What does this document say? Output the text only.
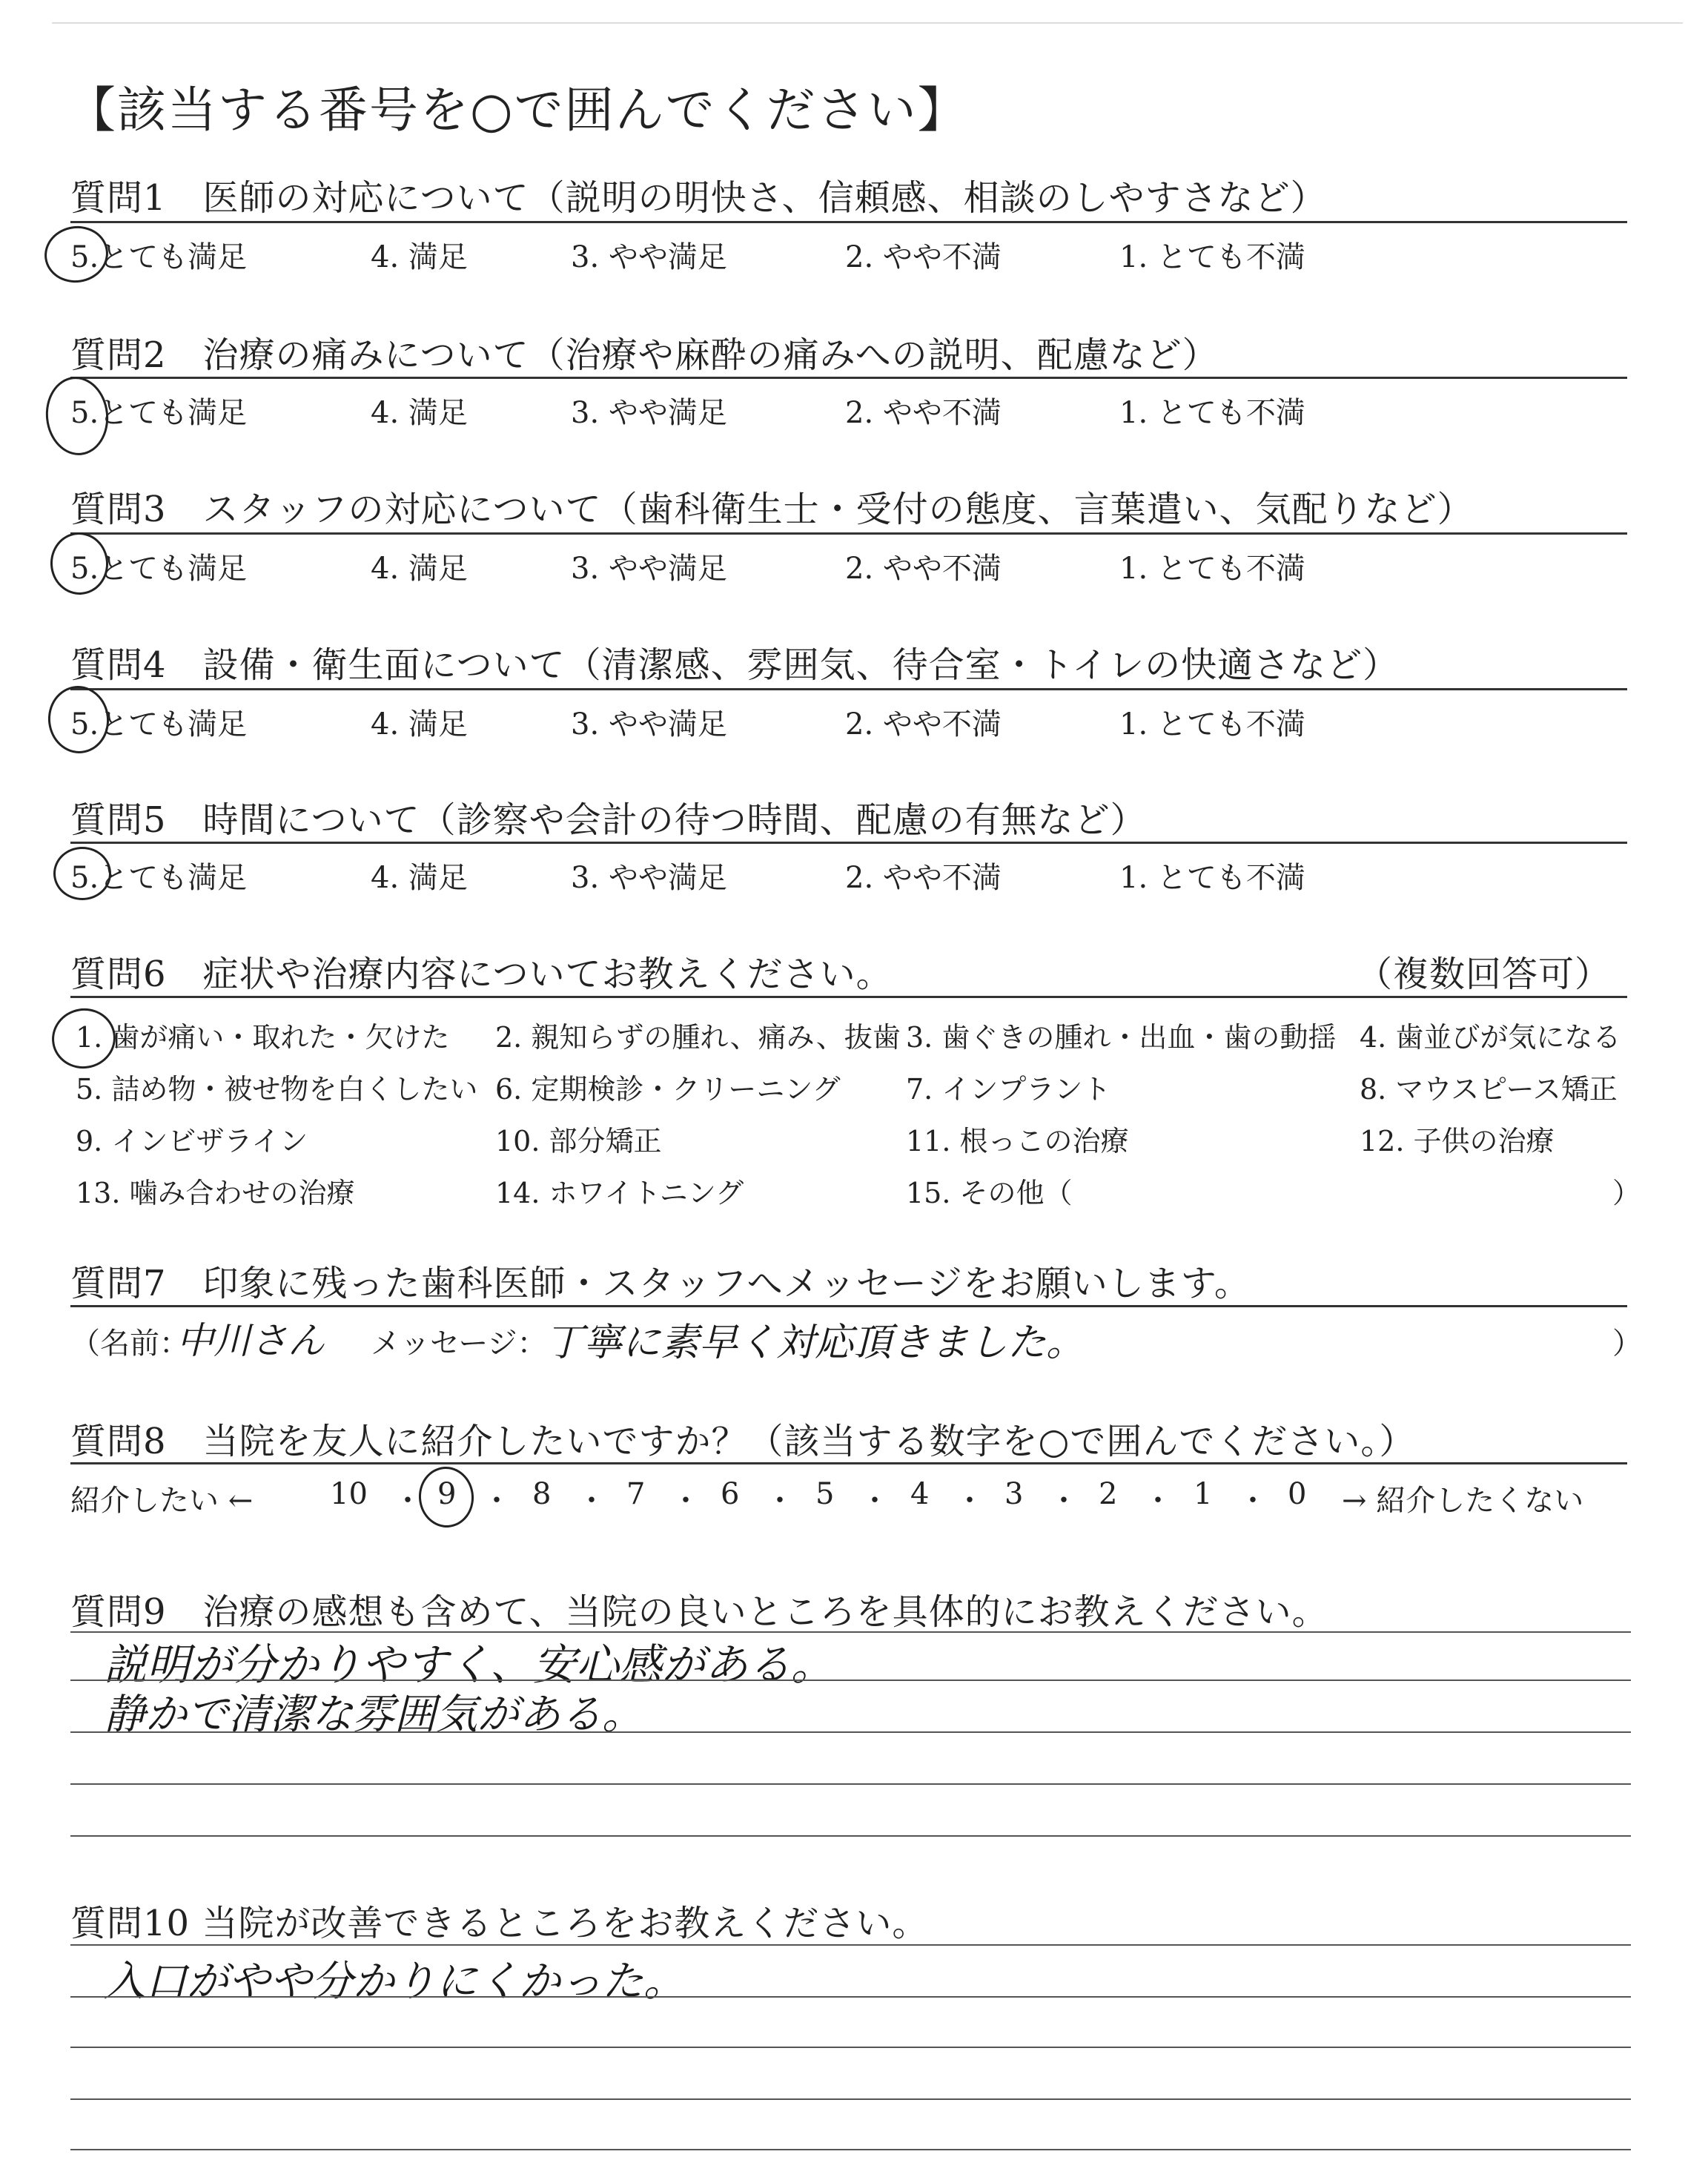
【該当する番号を○で囲んでください】
質問1　医師の対応について（説明の明快さ、信頼感、相談のしやすさなど）
5.とても満足	4. 満足	3. やや満足	2. やや不満	1. とても不満
質問2　治療の痛みについて（治療や麻酔の痛みへの説明、配慮など）
5.とても満足	4. 満足	3. やや満足	2. やや不満	1. とても不満
質問3　スタッフの対応について（歯科衛生士・受付の態度、言葉遣い、気配りなど）
5.とても満足	4. 満足	3. やや満足	2. やや不満	1. とても不満
質問4　設備・衛生面について（清潔感、雰囲気、待合室・トイレの快適さなど）
5.とても満足	4. 満足	3. やや満足	2. やや不満	1. とても不満
質問5　時間について（診察や会計の待つ時間、配慮の有無など）
5.とても満足	4. 満足	3. やや満足	2. やや不満	1. とても不満
質問6　症状や治療内容についてお教えください。	（複数回答可）
1. 歯が痛い・取れた・欠けた 2. 親知らずの腫れ、痛み、抜歯 3. 歯ぐきの腫れ・出血・歯の動揺 4. 歯並びが気になる
5. 詰め物・被せ物を白くしたい 6. 定期検診・クリーニング 7. インプラント	8. マウスピース矯正
9. インビザライン	10. 部分矯正	11. 根っこの治療	12. 子供の治療
13. 噛み合わせの治療	14. ホワイトニング	15. その他（	）
質問7　印象に残った歯科医師・スタッフへメッセージをお願いします。
（名前：
中川さん メッセージ：
丁寧に素早く対応頂きました。	）
質問8　当院を友人に紹介したいですか？（該当する数字を○で囲んでください。）
紹介したい ←	→ 紹介したくない
10 ・ 9 ・ 8 ・ 7 ・ 6 ・ 5 ・ 4 ・ 3 ・ 2 ・ 1 ・ 0
質問9　治療の感想も含めて、当院の良いところを具体的にお教えください。
説明が分かりやすく、安心感がある。
静かで清潔な雰囲気がある。
質問10 当院が改善できるところをお教えください。
入口がやや分かりにくかった。
